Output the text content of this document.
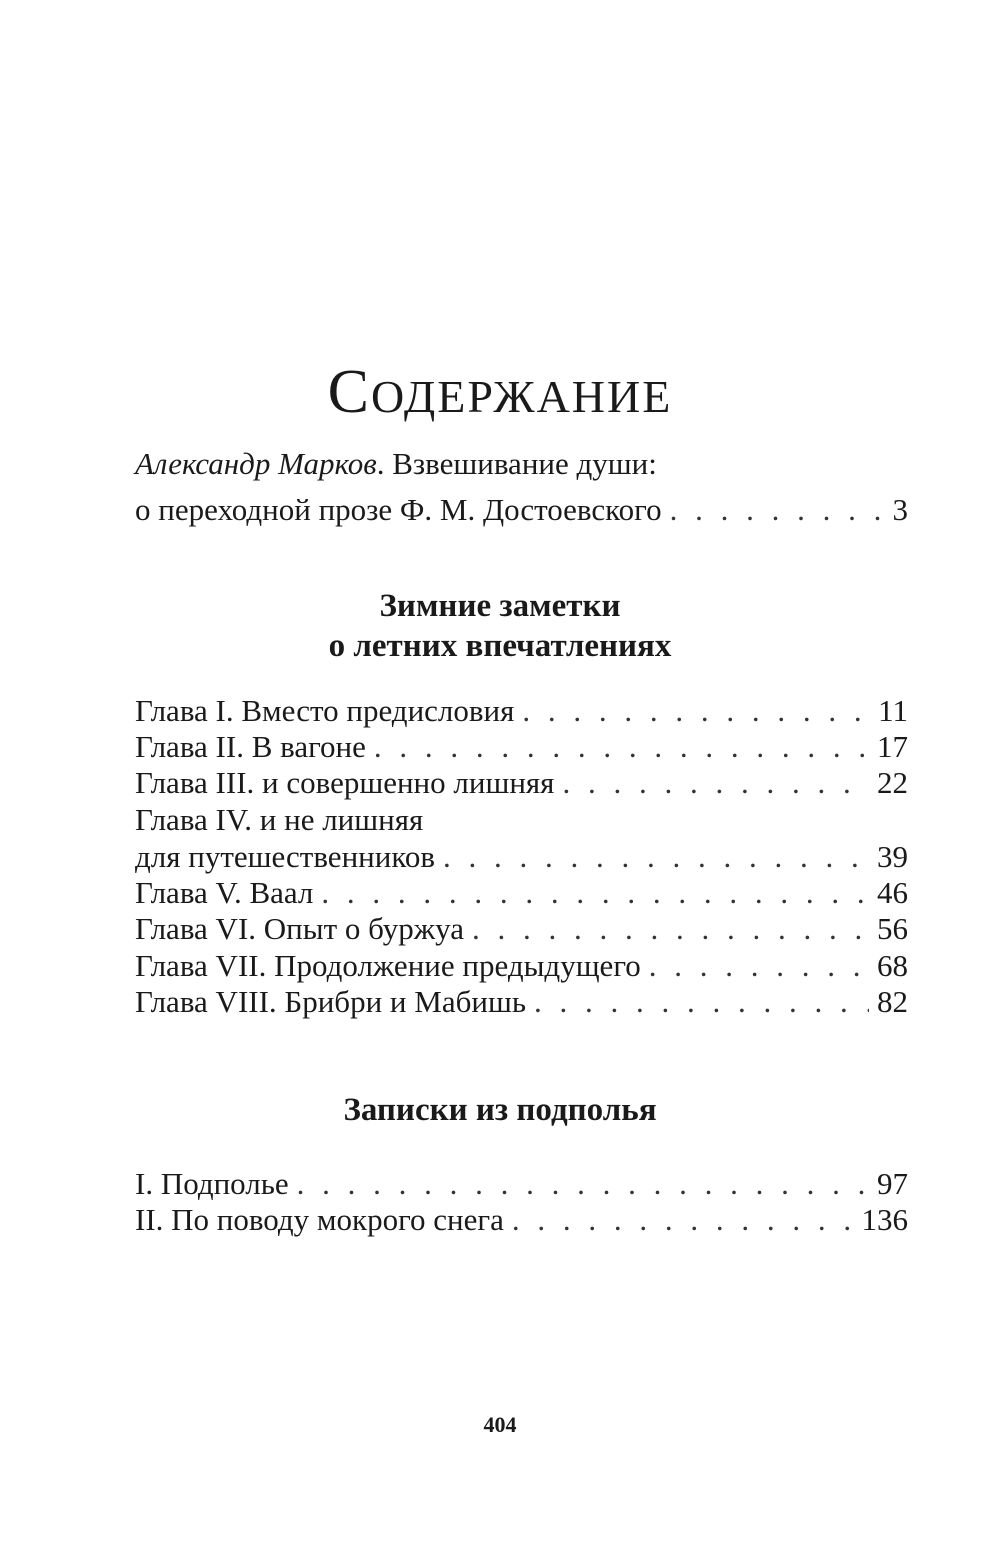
СОДЕРЖАНИЕ
Александр Марков. Взвешивание души:
о переходной прозе Ф. М. Достоевского . . .	3
Зимние заметки
о летних впечатлениях
Глава I. Вместо предисловия . . .	11
Глава II. В вагоне . . .	17
Глава III. и совершенно лишняя . . .	22
Глава IV. и не лишняя
для путешественников . . .	39
Глава V. Ваал . . .	46
Глава VI. Опыт о буржуа . . .	56
Глава VII. Продолжение предыдущего . . .	68
Глава VIII. Брибри и Мабишь . . .	82
Записки из подполья
I. Подполье . . .	97
II. По поводу мокрого снега . . .	136
404
